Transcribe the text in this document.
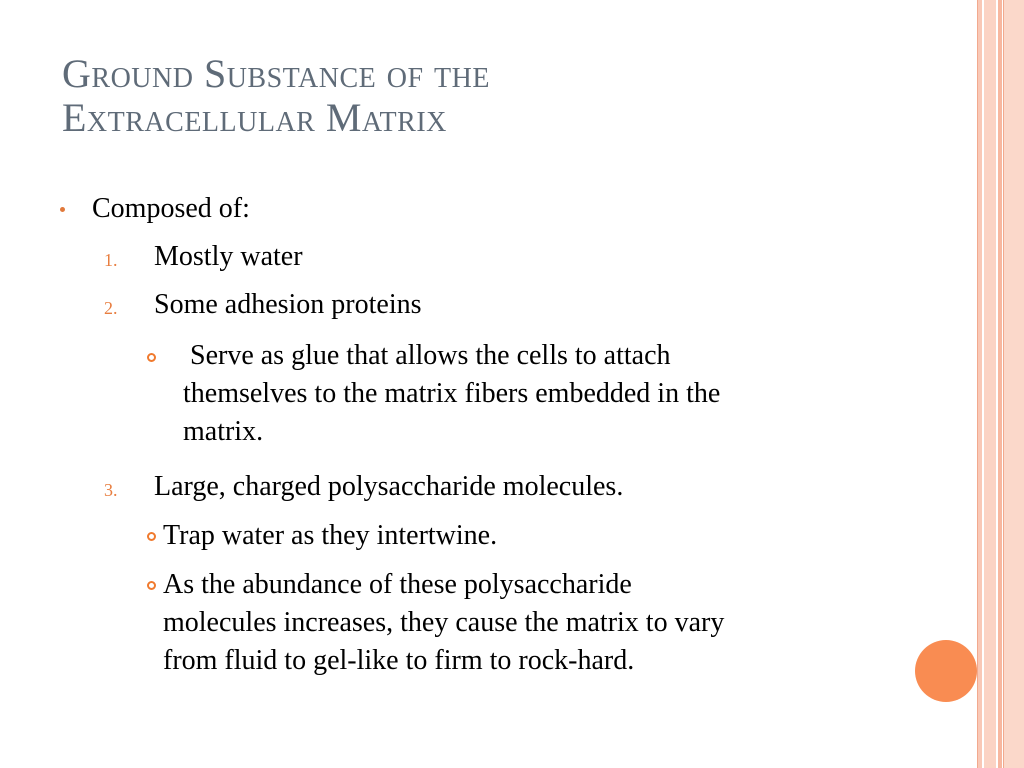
Ground Substance of the
Extracellular Matrix
Composed of:
1. Mostly water
2. Some adhesion proteins
Serve as glue that allows the cells to attach
themselves to the matrix fibers embedded in the
matrix.
3. Large, charged polysaccharide molecules.
Trap water as they intertwine.
As the abundance of these polysaccharide
molecules increases, they cause the matrix to vary
from fluid to gel-like to firm to rock-hard.
